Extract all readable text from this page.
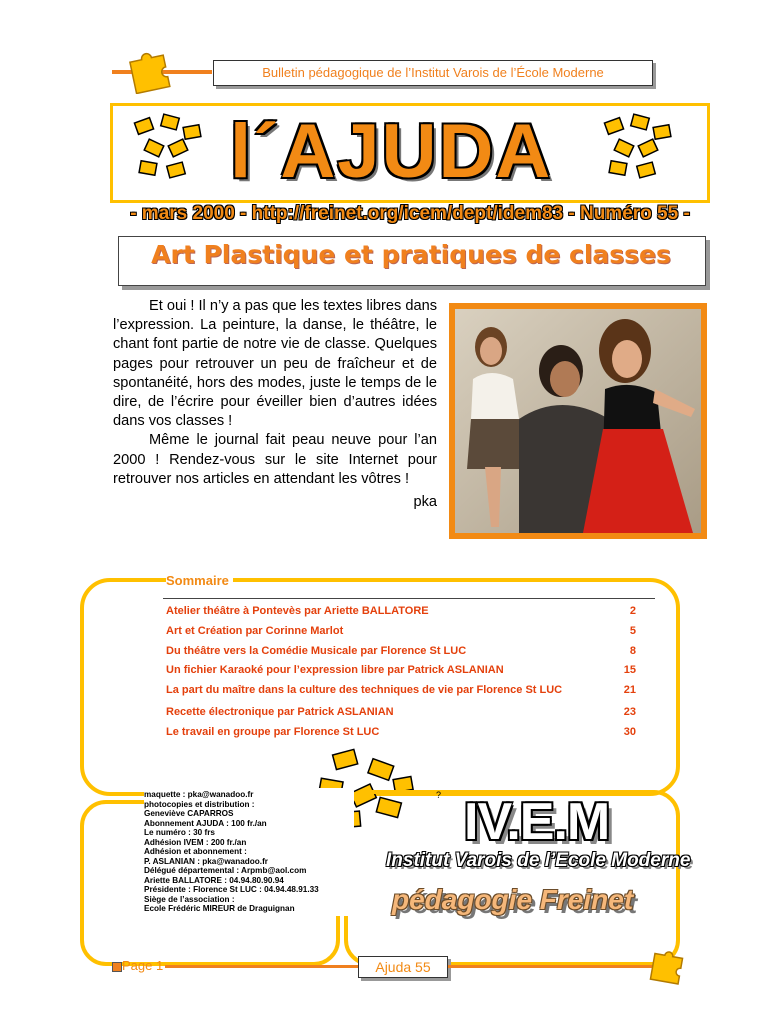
Bulletin pédagogique de l’Institut Varois de l’École Moderne
l´AJUDA
- mars 2000 - http://freinet.org/icem/dept/idem83 - Numéro 55 -
Art Plastique et pratiques de classes

Et oui ! Il n’y a pas que les textes libres dans l’expression. La peinture, la danse, le théâtre, le chant font partie de notre vie de classe. Quelques pages pour retrouver un peu de fraîcheur et de spontanéité, hors des modes, juste le temps de le dire, de l’écrire pour éveiller bien d’autres idées dans vos classes !

Même le journal fait peau neuve pour l’an 2000 ! Rendez-vous sur le site Internet pour retrouver nos articles en attendant les vôtres !

pka
Sommaire
Atelier théâtre à Pontevès par Ariette BALLATORE	2
Art et Création par Corinne Marlot	5
Du théâtre vers la Comédie Musicale par Florence St LUC	8
Un fichier Karaoké pour l’expression libre par Patrick ASLANIAN	15
La part du maître dans la culture des techniques de vie par Florence St LUC	21
Recette électronique par Patrick ASLANIAN	23
Le travail en groupe par Florence St LUC	30
maquette : pka@wanadoo.fr
photocopies et distribution :
Geneviève CAPARROS
Abonnement AJUDA : 100 fr./an
Le numéro : 30 frs
Adhésion IVEM : 200 fr./an
Adhésion et abonnement :
P. ASLANIAN : pka@wanadoo.fr
Délégué départemental : Arpmb@aol.com
Ariette BALLATORE : 04.94.80.90.94
Présidente : Florence St LUC : 04.94.48.91.33
Siège de l’association :
Ecole Frédéric MIREUR de Draguignan
? IV.E.M
Institut Varois de l’Ecole Moderne
pédagogie Freinet
Page 1	Ajuda 55
